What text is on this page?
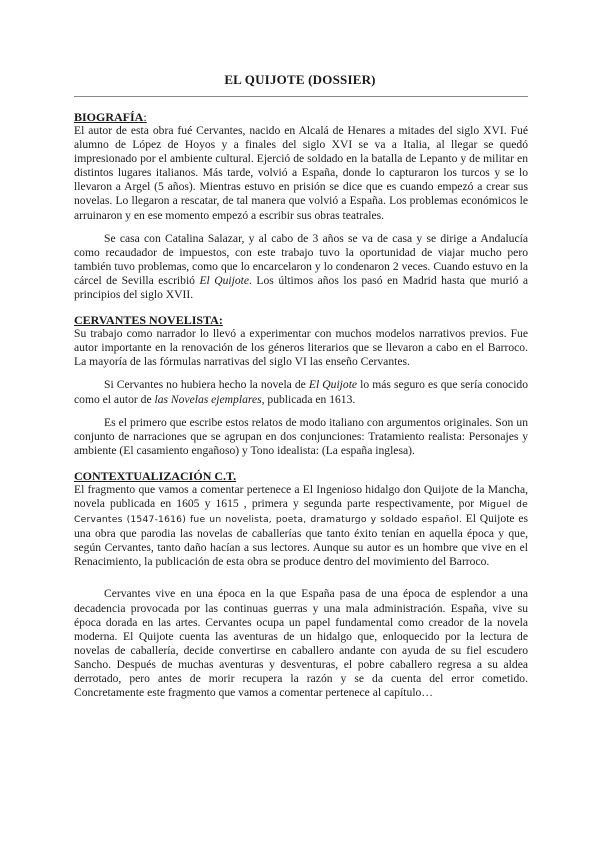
EL QUIJOTE (DOSSIER)

BIOGRAFÍA:

El autor de esta obra fué Cervantes, nacido en Alcalá de Henares a mitades del siglo XVI. Fué alumno de López de Hoyos y a finales del siglo XVI se va a Italia, al llegar se quedó impresionado por el ambiente cultural. Ejerció de soldado en la batalla de Lepanto y de militar en distintos lugares italianos. Más tarde, volvió a España, donde lo capturaron los turcos y se lo llevaron a Argel (5 años). Mientras estuvo en prisión se dice que es cuando empezó a crear sus novelas. Lo llegaron a rescatar, de tal manera que volvió a España. Los problemas económicos le arruinaron y en ese momento empezó a escribir sus obras teatrales.

Se casa con Catalina Salazar, y al cabo de 3 años se va de casa y se dirige a Andalucía como recaudador de impuestos, con este trabajo tuvo la oportunidad de viajar mucho pero también tuvo problemas, como que lo encarcelaron y lo condenaron 2 veces. Cuando estuvo en la cárcel de Sevilla escribió El Quijote. Los últimos años los pasó en Madrid hasta que murió a principios del siglo XVII.

CERVANTES NOVELISTA:

Su trabajo como narrador lo llevó a experimentar con muchos modelos narrativos previos. Fue autor importante en la renovación de los géneros literarios que se llevaron a cabo en el Barroco. La mayoría de las fórmulas narrativas del siglo VI las enseño Cervantes.

Si Cervantes no hubiera hecho la novela de El Quijote lo más seguro es que sería conocido como el autor de las Novelas ejemplares, publicada en 1613.

Es el primero que escribe estos relatos de modo italiano con argumentos originales. Son un conjunto de narraciones que se agrupan en dos conjunciones: Tratamiento realista: Personajes y ambiente (El casamiento engañoso) y Tono idealista: (La españa inglesa).

CONTEXTUALIZACIÓN C.T.

El fragmento que vamos a comentar pertenece a El Ingenioso hidalgo don Quijote de la Mancha, novela publicada en 1605 y 1615 , primera y segunda parte respectivamente, por Miguel de Cervantes (1547-1616) fue un novelista, poeta, dramaturgo y soldado español. El Quijote es una obra que parodia las novelas de caballerías que tanto éxito tenían en aquella época y que, según Cervantes, tanto daño hacían a sus lectores. Aunque su autor es un hombre que vive en el Renacimiento, la publicación de esta obra se produce dentro del movimiento del Barroco.

Cervantes vive en una época en la que España pasa de una época de esplendor a una decadencia provocada por las continuas guerras y una mala administración. España, vive su época dorada en las artes. Cervantes ocupa un papel fundamental como creador de la novela moderna. El Quijote cuenta las aventuras de un hidalgo que, enloquecido por la lectura de novelas de caballería, decide convertirse en caballero andante con ayuda de su fiel escudero Sancho. Después de muchas aventuras y desventuras, el pobre caballero regresa a su aldea derrotado, pero antes de morir recupera la razón y se da cuenta del error cometido. Concretamente este fragmento que vamos a comentar pertenece al capítulo…
